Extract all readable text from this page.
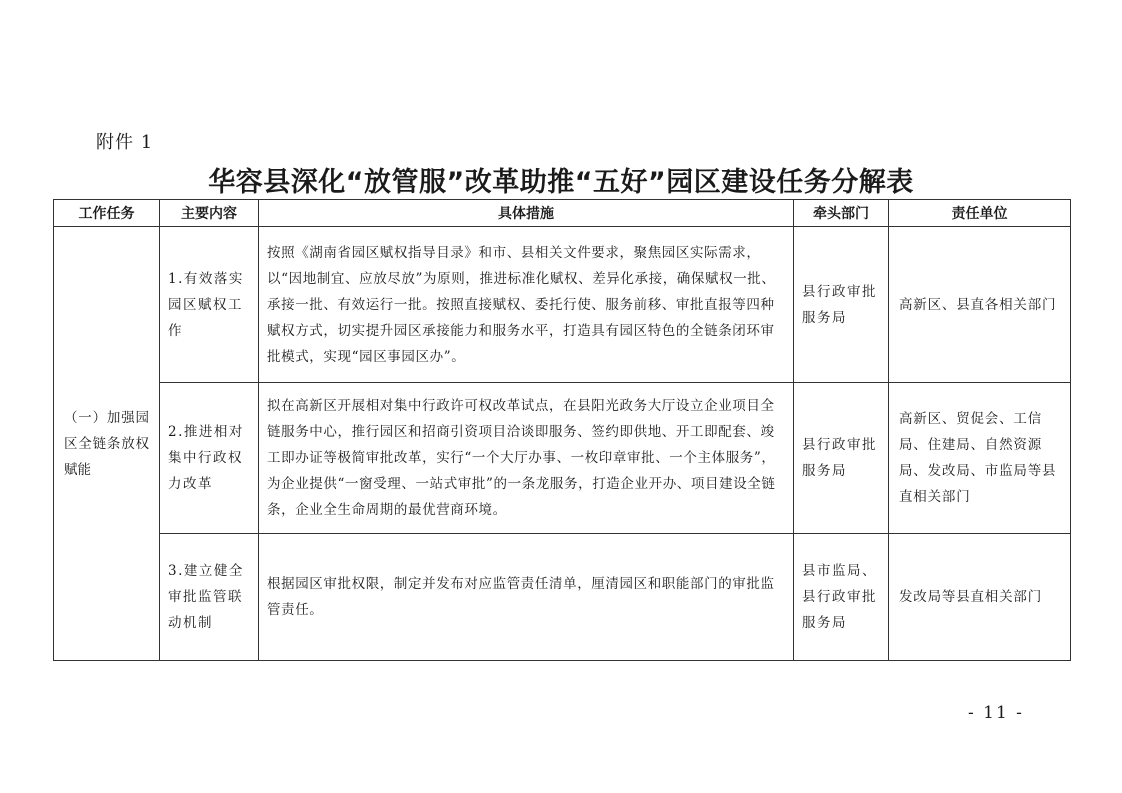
附件 1
华容县深化“放管服”改革助推“五好”园区建设任务分解表
工作任务	主要内容	具体措施	牵头部门	责任单位
（一）加强园区全链条放权赋能	1.有效落实园区赋权工作	按照《湖南省园区赋权指导目录》和市、县相关文件要求，聚焦园区实际需求，以“因地制宜、应放尽放”为原则，推进标准化赋权、差异化承接，确保赋权一批、承接一批、有效运行一批。按照直接赋权、委托行使、服务前移、审批直报等四种赋权方式，切实提升园区承接能力和服务水平，打造具有园区特色的全链条闭环审批模式，实现“园区事园区办”。	县行政审批服务局	高新区、县直各相关部门
	2.推进相对集中行政权力改革	拟在高新区开展相对集中行政许可权改革试点，在县阳光政务大厅设立企业项目全链服务中心，推行园区和招商引资项目洽谈即服务、签约即供地、开工即配套、竣工即办证等极简审批改革，实行“一个大厅办事、一枚印章审批、一个主体服务”，为企业提供“一窗受理、一站式审批”的一条龙服务，打造企业开办、项目建设全链条，企业全生命周期的最优营商环境。	县行政审批服务局	高新区、贸促会、工信局、住建局、自然资源局、发改局、市监局等县直相关部门
	3.建立健全审批监管联动机制	根据园区审批权限，制定并发布对应监管责任清单，厘清园区和职能部门的审批监管责任。	县市监局、县行政审批服务局	发改局等县直相关部门
- 11 -
